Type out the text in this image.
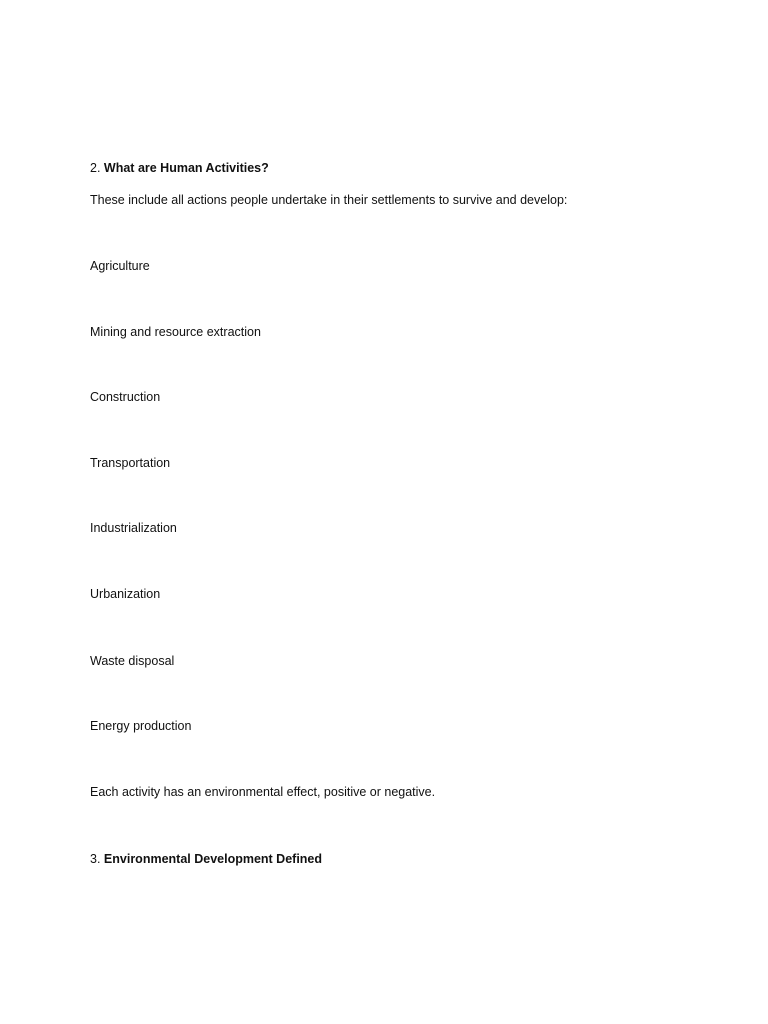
2. What are Human Activities?
These include all actions people undertake in their settlements to survive and develop:
Agriculture
Mining and resource extraction
Construction
Transportation
Industrialization
Urbanization
Waste disposal
Energy production
Each activity has an environmental effect, positive or negative.
3. Environmental Development Defined
